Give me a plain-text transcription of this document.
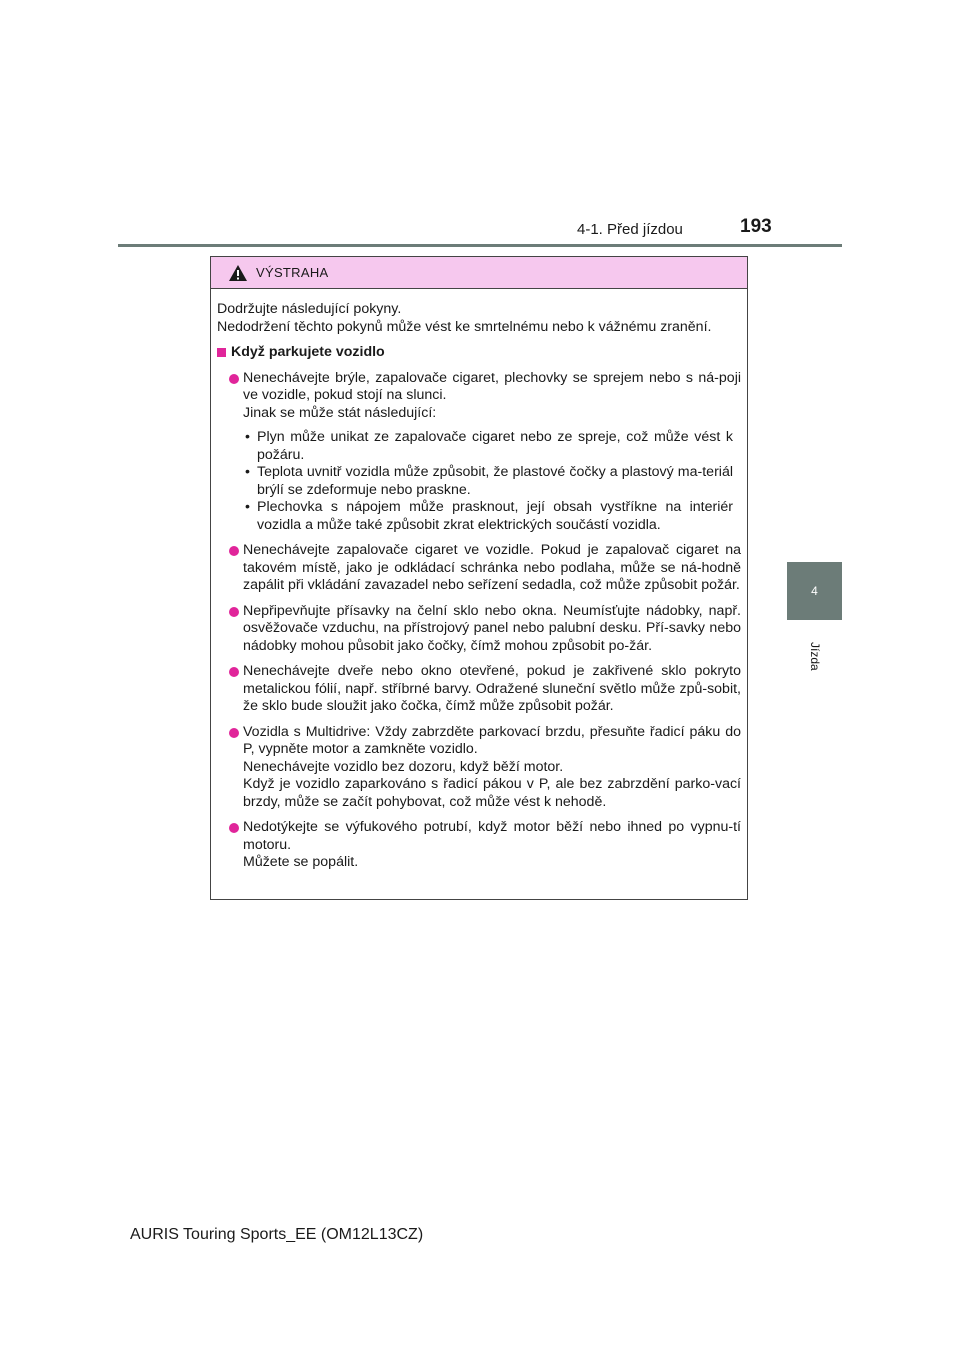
4-1. Před jízdou	193
4
Jízda
VÝSTRAHA

Dodržujte následující pokyny.

Nedodržení těchto pokynů může vést ke smrtelnému nebo k vážnému zranění.

Když parkujete vozidlo

Nenechávejte brýle, zapalovače cigaret, plechovky se sprejem nebo s ná-poji ve vozidle, pokud stojí na slunci.

Jinak se může stát následující:

• Plyn může unikat ze zapalovače cigaret nebo ze spreje, což může vést k požáru.
• Teplota uvnitř vozidla může způsobit, že plastové čočky a plastový ma-teriál brýlí se zdeformuje nebo praskne.
• Plechovka s nápojem může prasknout, její obsah vystříkne na interiér vozidla a může také způsobit zkrat elektrických součástí vozidla.

Nenechávejte zapalovače cigaret ve vozidle. Pokud je zapalovač cigaret na takovém místě, jako je odkládací schránka nebo podlaha, může se ná-hodně zapálit při vkládání zavazadel nebo seřízení sedadla, což může způsobit požár.

Nepřipevňujte přísavky na čelní sklo nebo okna. Neumísťujte nádobky, např. osvěžovače vzduchu, na přístrojový panel nebo palubní desku. Pří-savky nebo nádobky mohou působit jako čočky, čímž mohou způsobit po-žár.

Nenechávejte dveře nebo okno otevřené, pokud je zakřivené sklo pokryto metalickou fólií, např. stříbrné barvy. Odražené sluneční světlo může způ-sobit, že sklo bude sloužit jako čočka, čímž může způsobit požár.

Vozidla s Multidrive: Vždy zabrzděte parkovací brzdu, přesuňte řadicí páku do P, vypněte motor a zamkněte vozidlo.

Nenechávejte vozidlo bez dozoru, když běží motor.

Když je vozidlo zaparkováno s řadicí pákou v P, ale bez zabrzdění parko-vací brzdy, může se začít pohybovat, což může vést k nehodě.

Nedotýkejte se výfukového potrubí, když motor běží nebo ihned po vypnu-tí motoru.

Můžete se popálit.

AURIS Touring Sports_EE (OM12L13CZ)
